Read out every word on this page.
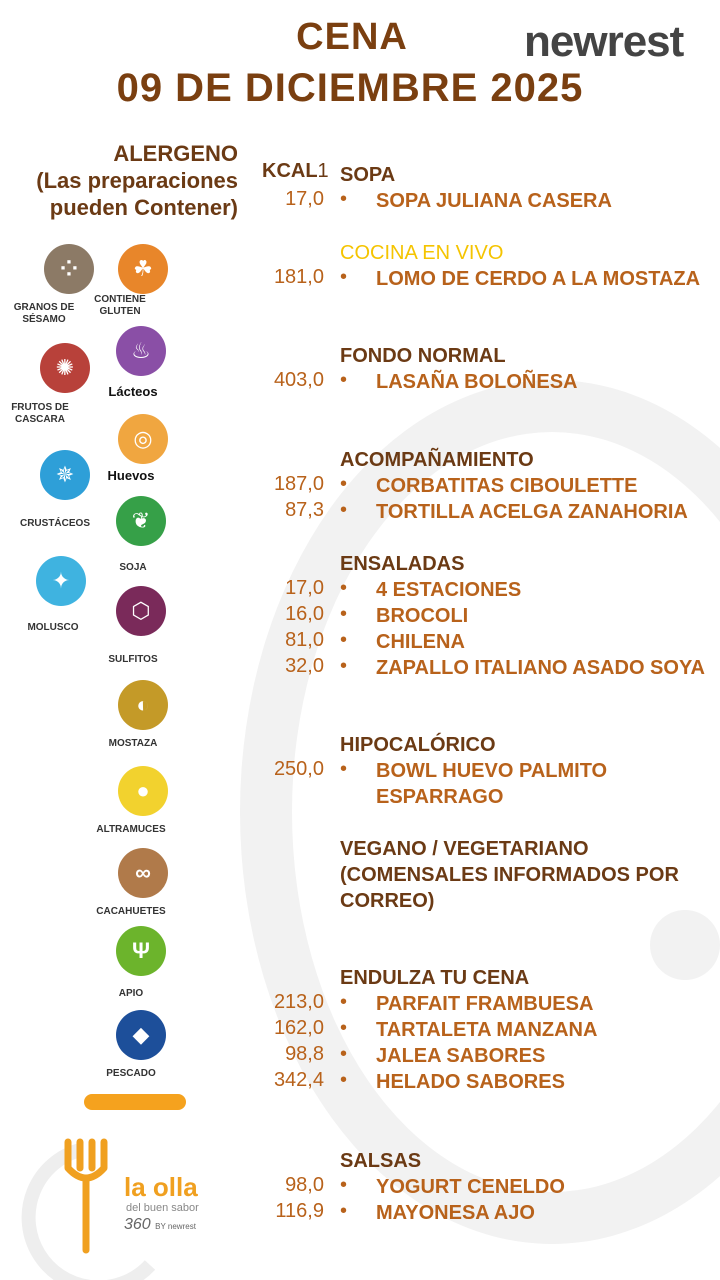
CENA
09 DE DICIEMBRE 2025
newrest
ALERGENO
(Las preparaciones
pueden Contener)
KCAL1
⁘
GRANOS DE SÉSAMO
☘
CONTIENE GLUTEN
✺
FRUTOS DE CASCARA
♨
Lácteos
◎
Huevos
✵
CRUSTÁCEOS	❦
SOJA
✦
MOLUSCO
⬡
SULFITOS
◐
MOSTAZA
●
ALTRAMUCES
∞
CACAHUETES
Ψ
APIO
◆
PESCADO
SOPA
17,0 • SOPA JULIANA CASERA
COCINA EN VIVO
181,0 • LOMO DE CERDO A LA MOSTAZA
FONDO NORMAL
403,0 • LASAÑA BOLOÑESA
ACOMPAÑAMIENTO
187,0 • CORBATITAS CIBOULETTE
87,3 • TORTILLA ACELGA ZANAHORIA
ENSALADAS
17,0 • 4 ESTACIONES
16,0 • BROCOLI
81,0 • CHILENA
32,0 • ZAPALLO ITALIANO ASADO SOYA
HIPOCALÓRICO
250,0 • BOWL HUEVO PALMITO ESPARRAGO
VEGANO / VEGETARIANO (COMENSALES INFORMADOS POR CORREO)
ENDULZA TU CENA
213,0 • PARFAIT FRAMBUESA
162,0 • TARTALETA MANZANA
98,8 • JALEA SABORES
342,4 • HELADO SABORES
SALSAS
98,0 • YOGURT CENELDO
116,9 • MAYONESA AJO
la olla
del buen sabor
360 BY newrest
